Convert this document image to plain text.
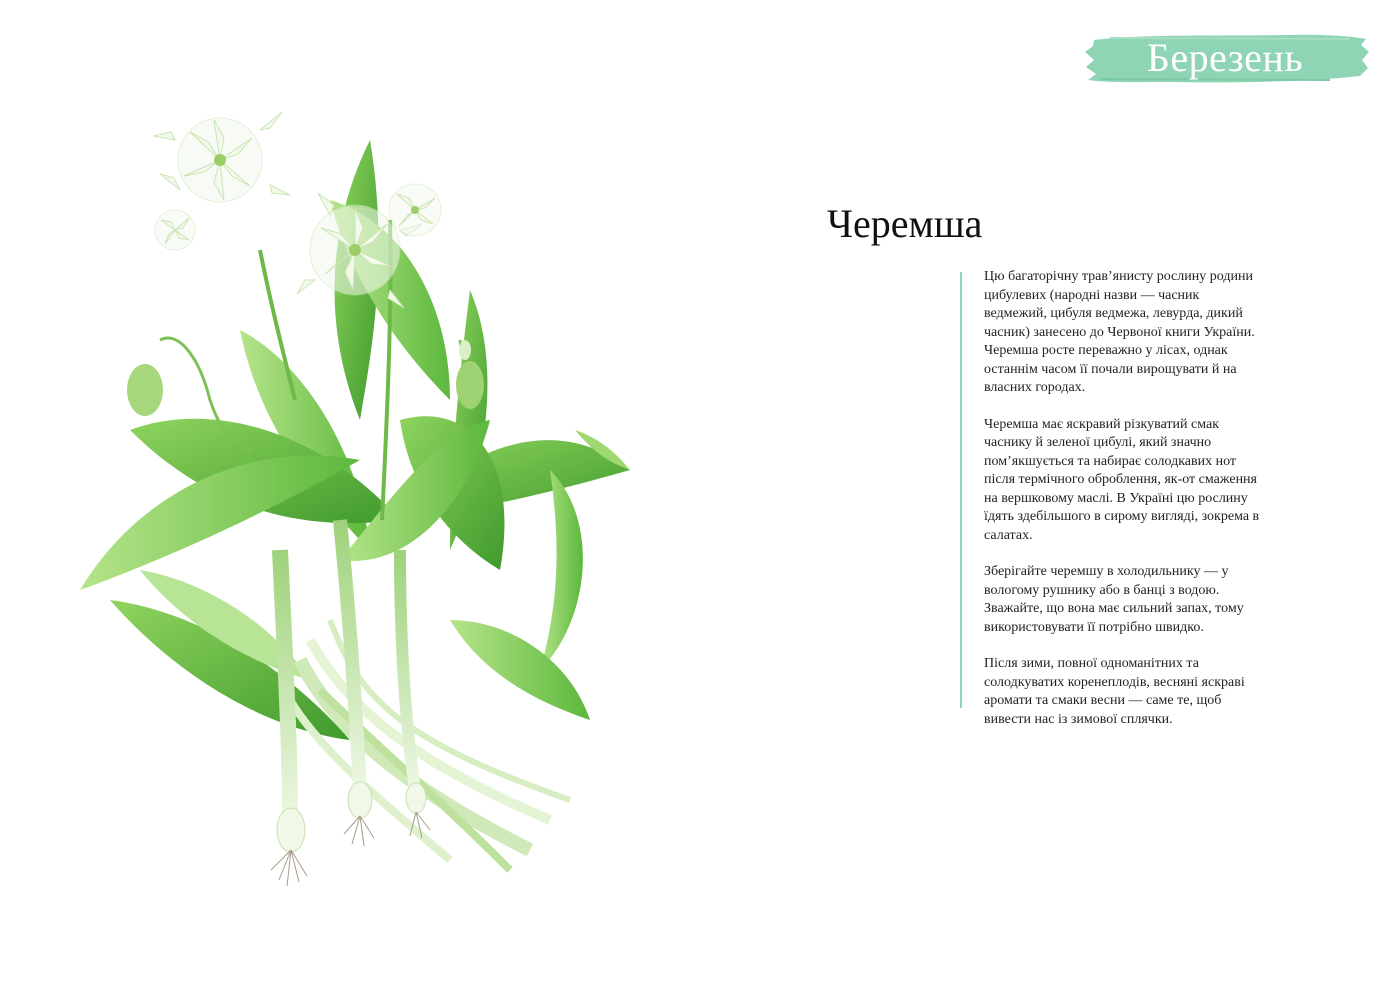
Березень
Черемша

Цю багаторічну трав’янисту рослину родини цибулевих (народні назви — часник ведмежий, цибуля ведмежа, левурда, дикий часник) занесено до Червоної книги України. Черемша росте переважно у лісах, однак останнім часом її почали вирощувати й на власних городах.

Черемша має яскравий різкуватий смак часнику й зеленої цибулі, який значно пом’якшується та набирає солодкавих нот після термічного оброблення, як-от смаження на вершковому маслі. В Україні цю рослину їдять здебільшого в сирому вигляді, зокрема в салатах.

Зберігайте черемшу в холодильнику — у вологому рушнику або в банці з водою. Зважайте, що вона має сильний запах, тому використовувати її потрібно швидко.

Після зими, повної одноманітних та солодкуватих коренеплодів, весняні яскраві аромати та смаки весни — саме те, щоб вивести нас із зимової сплячки.
